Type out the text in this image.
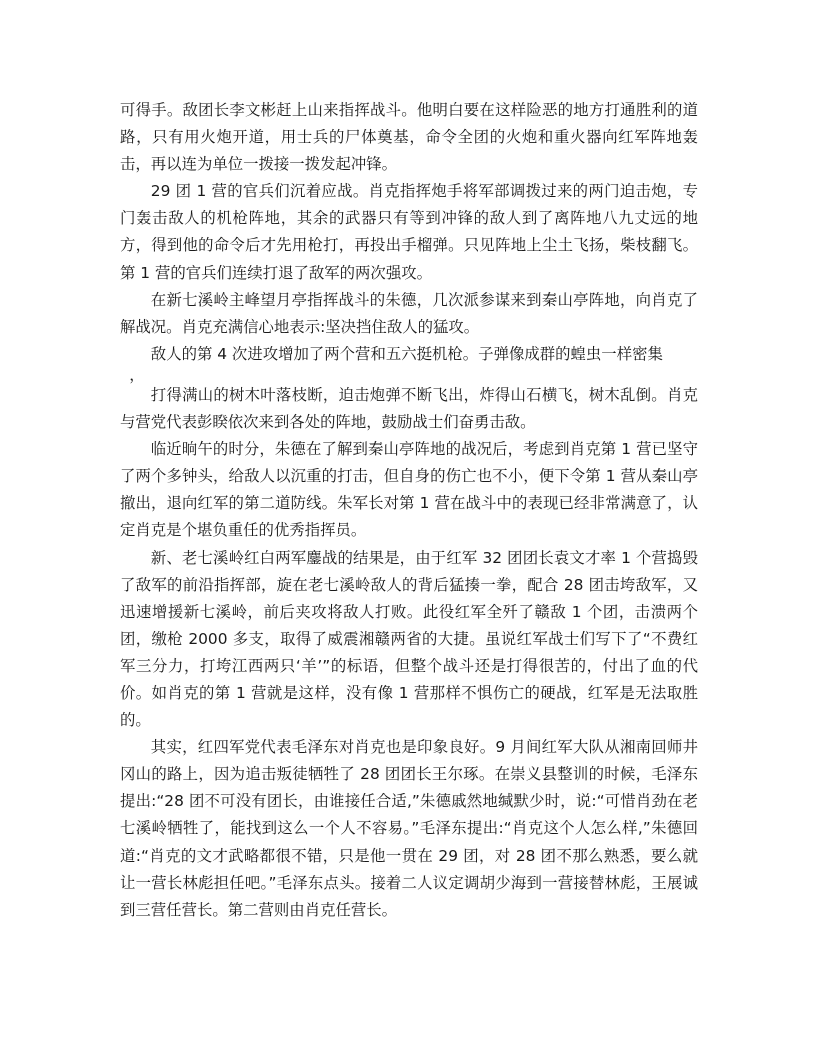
可得手。敌团长李文彬赶上山来指挥战斗。他明白要在这样险恶的地方打通胜利的道路，只有用火炮开道，用士兵的尸体奠基，命令全团的火炮和重火器向红军阵地轰击，再以连为单位一拨接一拨发起冲锋。

29 团 1 营的官兵们沉着应战。肖克指挥炮手将军部调拨过来的两门迫击炮，专门轰击敌人的机枪阵地，其余的武器只有等到冲锋的敌人到了离阵地八九丈远的地方，得到他的命令后才先用枪打，再投出手榴弹。只见阵地上尘土飞扬，柴枝翻飞。第 1 营的官兵们连续打退了敌军的两次强攻。

在新七溪岭主峰望月亭指挥战斗的朱德，几次派参谋来到秦山亭阵地，向肖克了解战况。肖克充满信心地表示:坚决挡住敌人的猛攻。

敌人的第 4 次进攻增加了两个营和五六挺机枪。子弹像成群的蝗虫一样密集

，

打得满山的树木叶落枝断，迫击炮弹不断飞出，炸得山石横飞，树木乱倒。肖克与营党代表彭睽依次来到各处的阵地，鼓励战士们奋勇击敌。

临近晌午的时分，朱德在了解到秦山亭阵地的战况后，考虑到肖克第 1 营已坚守了两个多钟头，给敌人以沉重的打击，但自身的伤亡也不小，便下令第 1 营从秦山亭撤出，退向红军的第二道防线。朱军长对第 1 营在战斗中的表现已经非常满意了，认定肖克是个堪负重任的优秀指挥员。

新、老七溪岭红白两军鏖战的结果是，由于红军 32 团团长袁文才率 1 个营捣毁了敌军的前沿指挥部，旋在老七溪岭敌人的背后猛揍一拳，配合 28 团击垮敌军，又迅速增援新七溪岭，前后夹攻将敌人打败。此役红军全歼了赣敌 1 个团，击溃两个团，缴枪 2000 多支，取得了威震湘赣两省的大捷。虽说红军战士们写下了“不费红军三分力，打垮江西两只‘羊’”的标语，但整个战斗还是打得很苦的，付出了血的代价。如肖克的第 1 营就是这样，没有像 1 营那样不惧伤亡的硬战，红军是无法取胜的。

其实，红四军党代表毛泽东对肖克也是印象良好。9 月间红军大队从湘南回师井冈山的路上，因为追击叛徒牺牲了 28 团团长王尔琢。在崇义县整训的时候，毛泽东提出:“28 团不可没有团长，由谁接任合适,”朱德戚然地缄默少时，说:“可惜肖劲在老七溪岭牺牲了，能找到这么一个人不容易。”毛泽东提出:“肖克这个人怎么样,”朱德回道:“肖克的文才武略都很不错，只是他一贯在 29 团，对 28 团不那么熟悉，要么就让一营长林彪担任吧。”毛泽东点头。接着二人议定调胡少海到一营接替林彪，王展诚到三营任营长。第二营则由肖克任营长。
